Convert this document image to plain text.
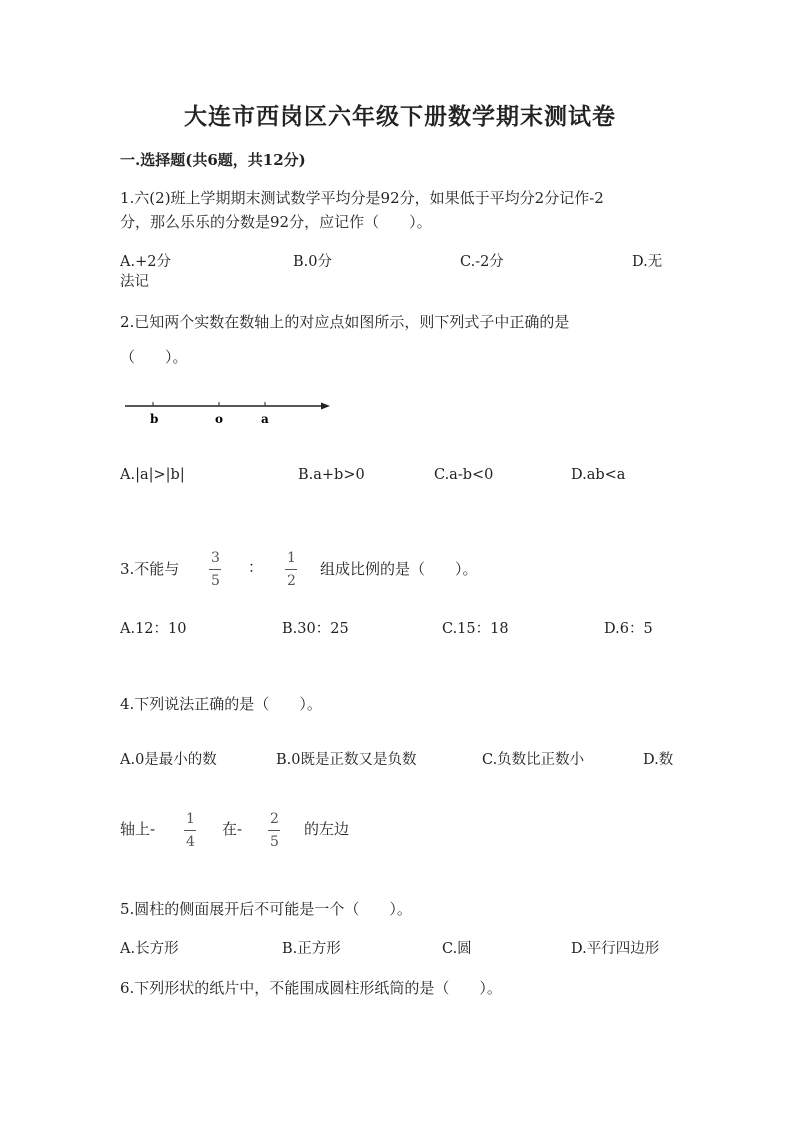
大连市西岗区六年级下册数学期末测试卷
一.选择题(共6题，共12分)
1.六(2)班上学期期末测试数学平均分是92分，如果低于平均分2分记作-2
分，那么乐乐的分数是92分，应记作（　　）。
A.+2分	B.0分	C.-2分	D.无
法记
2.已知两个实数在数轴上的对应点如图所示，则下列式子中正确的是
（　　）。
b	o	a
A.|a|>|b|	B.a+b>0	C.a-b<0	D.ab<a
3.不能与
3
5
： 1
2
组成比例的是（　　）。
A.12：10	B.30：25	C.15：18	D.6：5
4.下列说法正确的是（　　）。
A.0是最小的数	B.0既是正数又是负数	C.负数比正数小	D.数
轴上-
1
4
在-
2
5
的左边
5.圆柱的侧面展开后不可能是一个（　　）。
A.长方形	B.正方形	C.圆	D.平行四边形
6.下列形状的纸片中，不能围成圆柱形纸筒的是（　　）。
